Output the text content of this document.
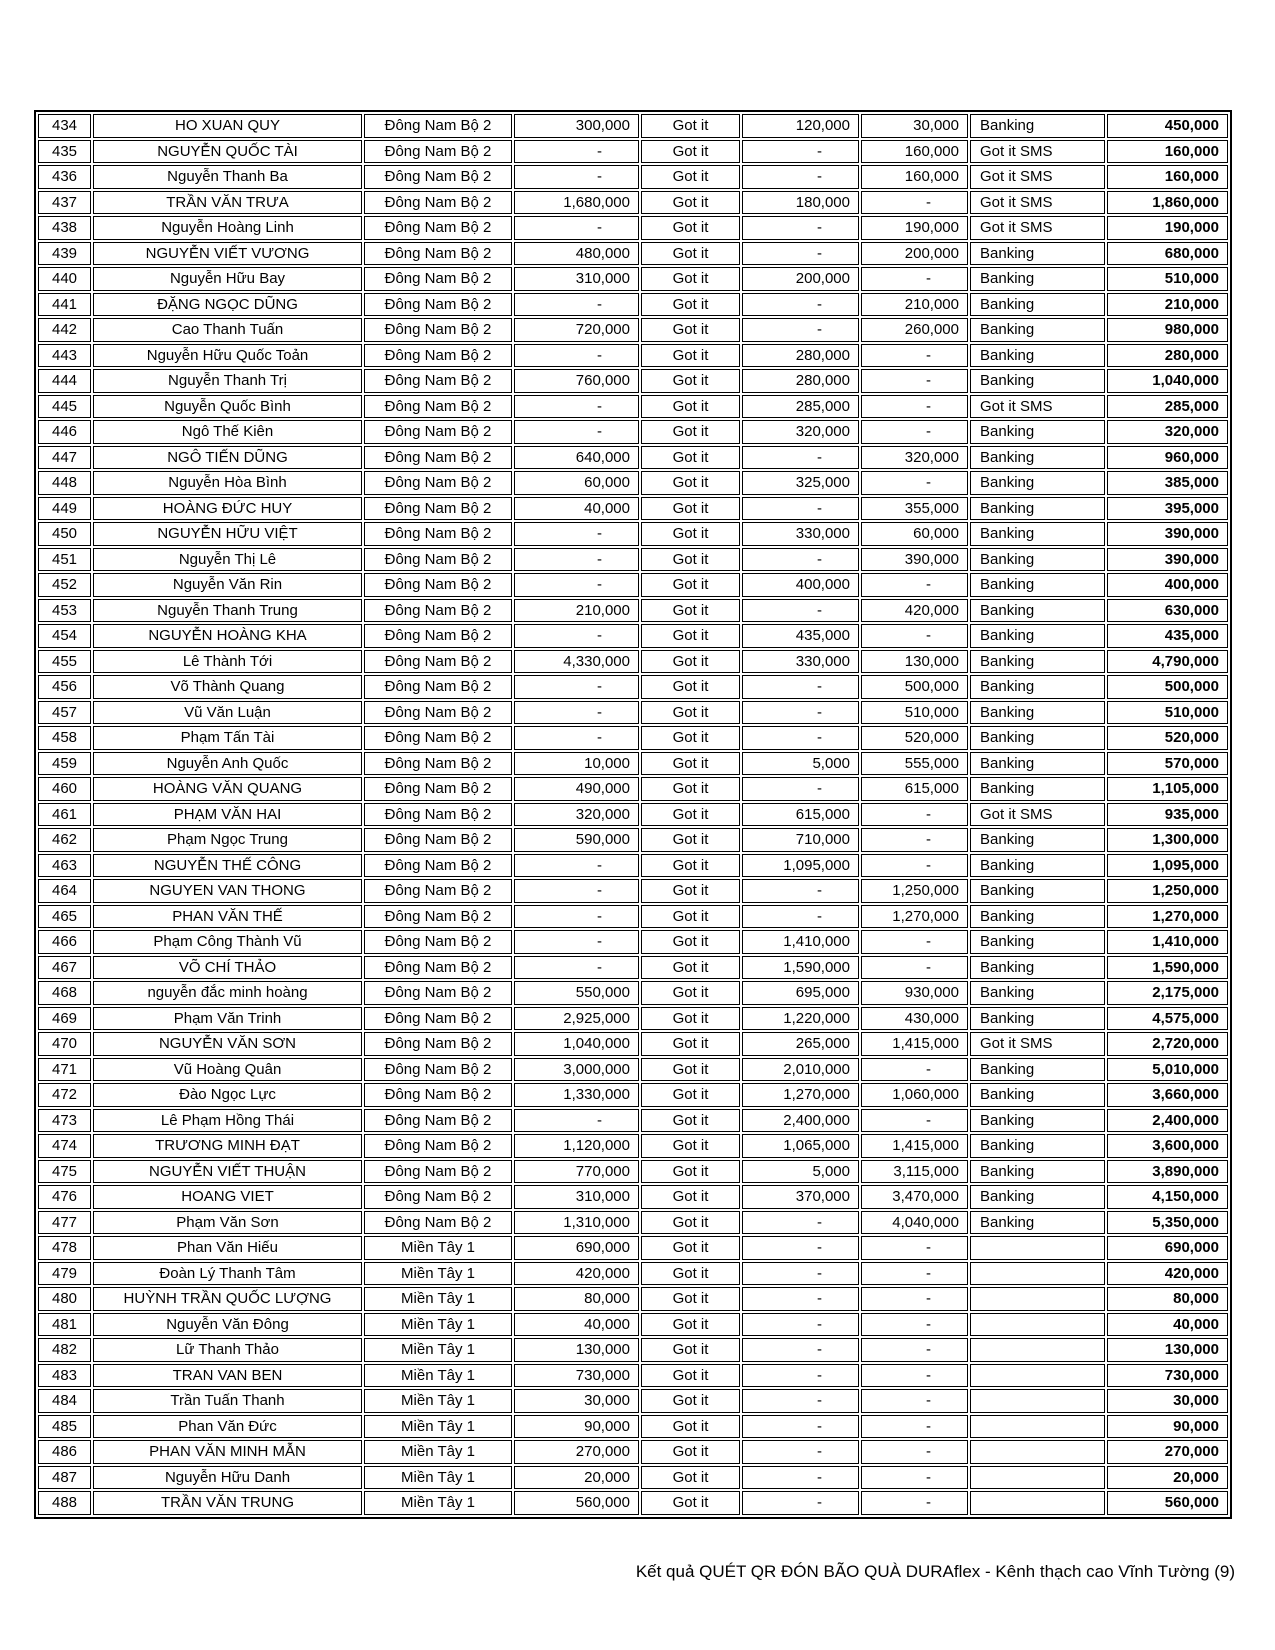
434	HO XUAN QUY	Đông Nam Bộ 2	300,000	Got it	120,000	30,000	Banking	450,000
435	NGUYỄN QUỐC TÀI	Đông Nam Bộ 2	-	Got it	-	160,000	Got it SMS	160,000
436	Nguyễn Thanh Ba	Đông Nam Bộ 2	-	Got it	-	160,000	Got it SMS	160,000
437	TRẦN VĂN TRƯA	Đông Nam Bộ 2	1,680,000	Got it	180,000	-	Got it SMS	1,860,000
438	Nguyễn Hoàng Linh	Đông Nam Bộ 2	-	Got it	-	190,000	Got it SMS	190,000
439	NGUYỄN VIẾT VƯƠNG	Đông Nam Bộ 2	480,000	Got it	-	200,000	Banking	680,000
440	Nguyễn Hữu Bay	Đông Nam Bộ 2	310,000	Got it	200,000	-	Banking	510,000
441	ĐẶNG NGỌC DŨNG	Đông Nam Bộ 2	-	Got it	-	210,000	Banking	210,000
442	Cao Thanh Tuấn	Đông Nam Bộ 2	720,000	Got it	-	260,000	Banking	980,000
443	Nguyễn Hữu Quốc Toản	Đông Nam Bộ 2	-	Got it	280,000	-	Banking	280,000
444	Nguyễn Thanh Trị	Đông Nam Bộ 2	760,000	Got it	280,000	-	Banking	1,040,000
445	Nguyễn Quốc Bình	Đông Nam Bộ 2	-	Got it	285,000	-	Got it SMS	285,000
446	Ngô Thế Kiên	Đông Nam Bộ 2	-	Got it	320,000	-	Banking	320,000
447	NGÔ TIẾN DŨNG	Đông Nam Bộ 2	640,000	Got it	-	320,000	Banking	960,000
448	Nguyễn Hòa Bình	Đông Nam Bộ 2	60,000	Got it	325,000	-	Banking	385,000
449	HOÀNG ĐỨC HUY	Đông Nam Bộ 2	40,000	Got it	-	355,000	Banking	395,000
450	NGUYỄN HỮU VIỆT	Đông Nam Bộ 2	-	Got it	330,000	60,000	Banking	390,000
451	Nguyễn Thị Lê	Đông Nam Bộ 2	-	Got it	-	390,000	Banking	390,000
452	Nguyễn Văn Rin	Đông Nam Bộ 2	-	Got it	400,000	-	Banking	400,000
453	Nguyễn Thanh Trung	Đông Nam Bộ 2	210,000	Got it	-	420,000	Banking	630,000
454	NGUYỄN HOÀNG KHA	Đông Nam Bộ 2	-	Got it	435,000	-	Banking	435,000
455	Lê Thành Tới	Đông Nam Bộ 2	4,330,000	Got it	330,000	130,000	Banking	4,790,000
456	Võ Thành Quang	Đông Nam Bộ 2	-	Got it	-	500,000	Banking	500,000
457	Vũ Văn Luận	Đông Nam Bộ 2	-	Got it	-	510,000	Banking	510,000
458	Phạm Tấn Tài	Đông Nam Bộ 2	-	Got it	-	520,000	Banking	520,000
459	Nguyễn Anh Quốc	Đông Nam Bộ 2	10,000	Got it	5,000	555,000	Banking	570,000
460	HOÀNG VĂN QUANG	Đông Nam Bộ 2	490,000	Got it	-	615,000	Banking	1,105,000
461	PHẠM VĂN HAI	Đông Nam Bộ 2	320,000	Got it	615,000	-	Got it SMS	935,000
462	Phạm Ngọc Trung	Đông Nam Bộ 2	590,000	Got it	710,000	-	Banking	1,300,000
463	NGUYỄN THẾ CÔNG	Đông Nam Bộ 2	-	Got it	1,095,000	-	Banking	1,095,000
464	NGUYEN VAN THONG	Đông Nam Bộ 2	-	Got it	-	1,250,000	Banking	1,250,000
465	PHAN VĂN THẾ	Đông Nam Bộ 2	-	Got it	-	1,270,000	Banking	1,270,000
466	Phạm Công Thành Vũ	Đông Nam Bộ 2	-	Got it	1,410,000	-	Banking	1,410,000
467	VÕ CHÍ THẢO	Đông Nam Bộ 2	-	Got it	1,590,000	-	Banking	1,590,000
468	nguyễn đắc minh hoàng	Đông Nam Bộ 2	550,000	Got it	695,000	930,000	Banking	2,175,000
469	Phạm Văn Trinh	Đông Nam Bộ 2	2,925,000	Got it	1,220,000	430,000	Banking	4,575,000
470	NGUYỄN VĂN SƠN	Đông Nam Bộ 2	1,040,000	Got it	265,000	1,415,000	Got it SMS	2,720,000
471	Vũ Hoàng Quân	Đông Nam Bộ 2	3,000,000	Got it	2,010,000	-	Banking	5,010,000
472	Đào Ngọc Lực	Đông Nam Bộ 2	1,330,000	Got it	1,270,000	1,060,000	Banking	3,660,000
473	Lê Phạm Hồng Thái	Đông Nam Bộ 2	-	Got it	2,400,000	-	Banking	2,400,000
474	TRƯƠNG MINH ĐẠT	Đông Nam Bộ 2	1,120,000	Got it	1,065,000	1,415,000	Banking	3,600,000
475	NGUYỄN VIẾT THUẬN	Đông Nam Bộ 2	770,000	Got it	5,000	3,115,000	Banking	3,890,000
476	HOANG VIET	Đông Nam Bộ 2	310,000	Got it	370,000	3,470,000	Banking	4,150,000
477	Phạm Văn Sơn	Đông Nam Bộ 2	1,310,000	Got it	-	4,040,000	Banking	5,350,000
478	Phan Văn Hiếu	Miền Tây 1	690,000	Got it	-	-		690,000
479	Đoàn Lý Thanh Tâm	Miền Tây 1	420,000	Got it	-	-		420,000
480	HUỲNH TRẦN QUỐC LƯỢNG	Miền Tây 1	80,000	Got it	-	-		80,000
481	Nguyễn Văn Đông	Miền Tây 1	40,000	Got it	-	-		40,000
482	Lữ Thanh Thảo	Miền Tây 1	130,000	Got it	-	-		130,000
483	TRAN VAN BEN	Miền Tây 1	730,000	Got it	-	-		730,000
484	Trần Tuấn Thanh	Miền Tây 1	30,000	Got it	-	-		30,000
485	Phan Văn Đức	Miền Tây 1	90,000	Got it	-	-		90,000
486	PHAN VĂN MINH MẪN	Miền Tây 1	270,000	Got it	-	-		270,000
487	Nguyễn Hữu Danh	Miền Tây 1	20,000	Got it	-	-		20,000
488	TRẦN VĂN TRUNG	Miền Tây 1	560,000	Got it	-	-		560,000
Kết quả QUÉT QR ĐÓN BÃO QUÀ DURAflex - Kênh thạch cao Vĩnh Tường (9)
